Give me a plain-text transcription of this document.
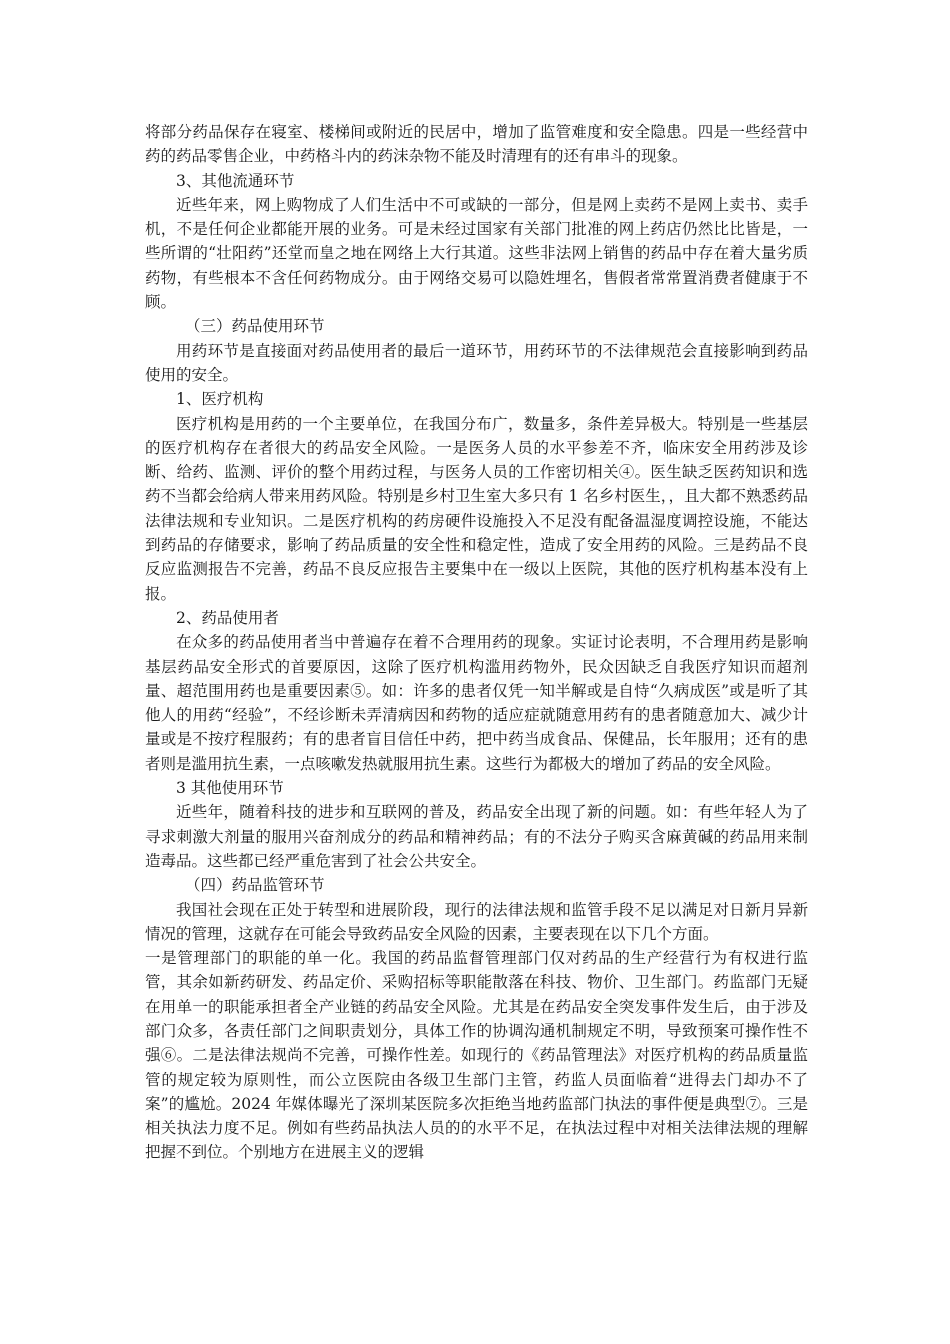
将部分药品保存在寝室、楼梯间或附近的民居中，增加了监管难度和安全隐患。四是一些经营中药的药品零售企业，中药格斗内的药沫杂物不能及时清理有的还有串斗的现象。

3、其他流通环节

近些年来，网上购物成了人们生活中不可或缺的一部分，但是网上卖药不是网上卖书、卖手机，不是任何企业都能开展的业务。可是未经过国家有关部门批准的网上药店仍然比比皆是，一些所谓的“壮阳药”还堂而皇之地在网络上大行其道。这些非法网上销售的药品中存在着大量劣质药物，有些根本不含任何药物成分。由于网络交易可以隐姓埋名，售假者常常置消费者健康于不顾。

（三）药品使用环节

用药环节是直接面对药品使用者的最后一道环节，用药环节的不法律规范会直接影响到药品使用的安全。

1、医疗机构

医疗机构是用药的一个主要单位，在我国分布广，数量多，条件差异极大。特别是一些基层的医疗机构存在者很大的药品安全风险。一是医务人员的水平参差不齐，临床安全用药涉及诊断、给药、监测、评价的整个用药过程，与医务人员的工作密切相关④。医生缺乏医药知识和选药不当都会给病人带来用药风险。特别是乡村卫生室大多只有 1 名乡村医生，，且大都不熟悉药品法律法规和专业知识。二是医疗机构的药房硬件设施投入不足没有配备温湿度调控设施，不能达到药品的存储要求，影响了药品质量的安全性和稳定性，造成了安全用药的风险。三是药品不良反应监测报告不完善，药品不良反应报告主要集中在一级以上医院，其他的医疗机构基本没有上报。

2、药品使用者

在众多的药品使用者当中普遍存在着不合理用药的现象。实证讨论表明，不合理用药是影响基层药品安全形式的首要原因，这除了医疗机构滥用药物外，民众因缺乏自我医疗知识而超剂量、超范围用药也是重要因素⑤。如：许多的患者仅凭一知半解或是自恃“久病成医”或是听了其他人的用药“经验”，不经诊断未弄清病因和药物的适应症就随意用药有的患者随意加大、减少计量或是不按疗程服药；有的患者盲目信任中药，把中药当成食品、保健品，长年服用；还有的患者则是滥用抗生素，一点咳嗽发热就服用抗生素。这些行为都极大的增加了药品的安全风险。

3 其他使用环节

近些年，随着科技的进步和互联网的普及，药品安全出现了新的问题。如：有些年轻人为了寻求刺激大剂量的服用兴奋剂成分的药品和精神药品；有的不法分子购买含麻黄碱的药品用来制造毒品。这些都已经严重危害到了社会公共安全。

（四）药品监管环节

我国社会现在正处于转型和进展阶段，现行的法律法规和监管手段不足以满足对日新月异新情况的管理，这就存在可能会导致药品安全风险的因素，主要表现在以下几个方面。

一是管理部门的职能的单一化。我国的药品监督管理部门仅对药品的生产经营行为有权进行监管，其余如新药研发、药品定价、采购招标等职能散落在科技、物价、卫生部门。药监部门无疑在用单一的职能承担者全产业链的药品安全风险。尤其是在药品安全突发事件发生后，由于涉及部门众多，各责任部门之间职责划分，具体工作的协调沟通机制规定不明，导致预案可操作性不强⑥。二是法律法规尚不完善，可操作性差。如现行的《药品管理法》对医疗机构的药品质量监管的规定较为原则性，而公立医院由各级卫生部门主管，药监人员面临着“进得去门却办不了案”的尴尬。2024 年媒体曝光了深圳某医院多次拒绝当地药监部门执法的事件便是典型⑦。三是相关执法力度不足。例如有些药品执法人员的的水平不足，在执法过程中对相关法律法规的理解把握不到位。个别地方在进展主义的逻辑
